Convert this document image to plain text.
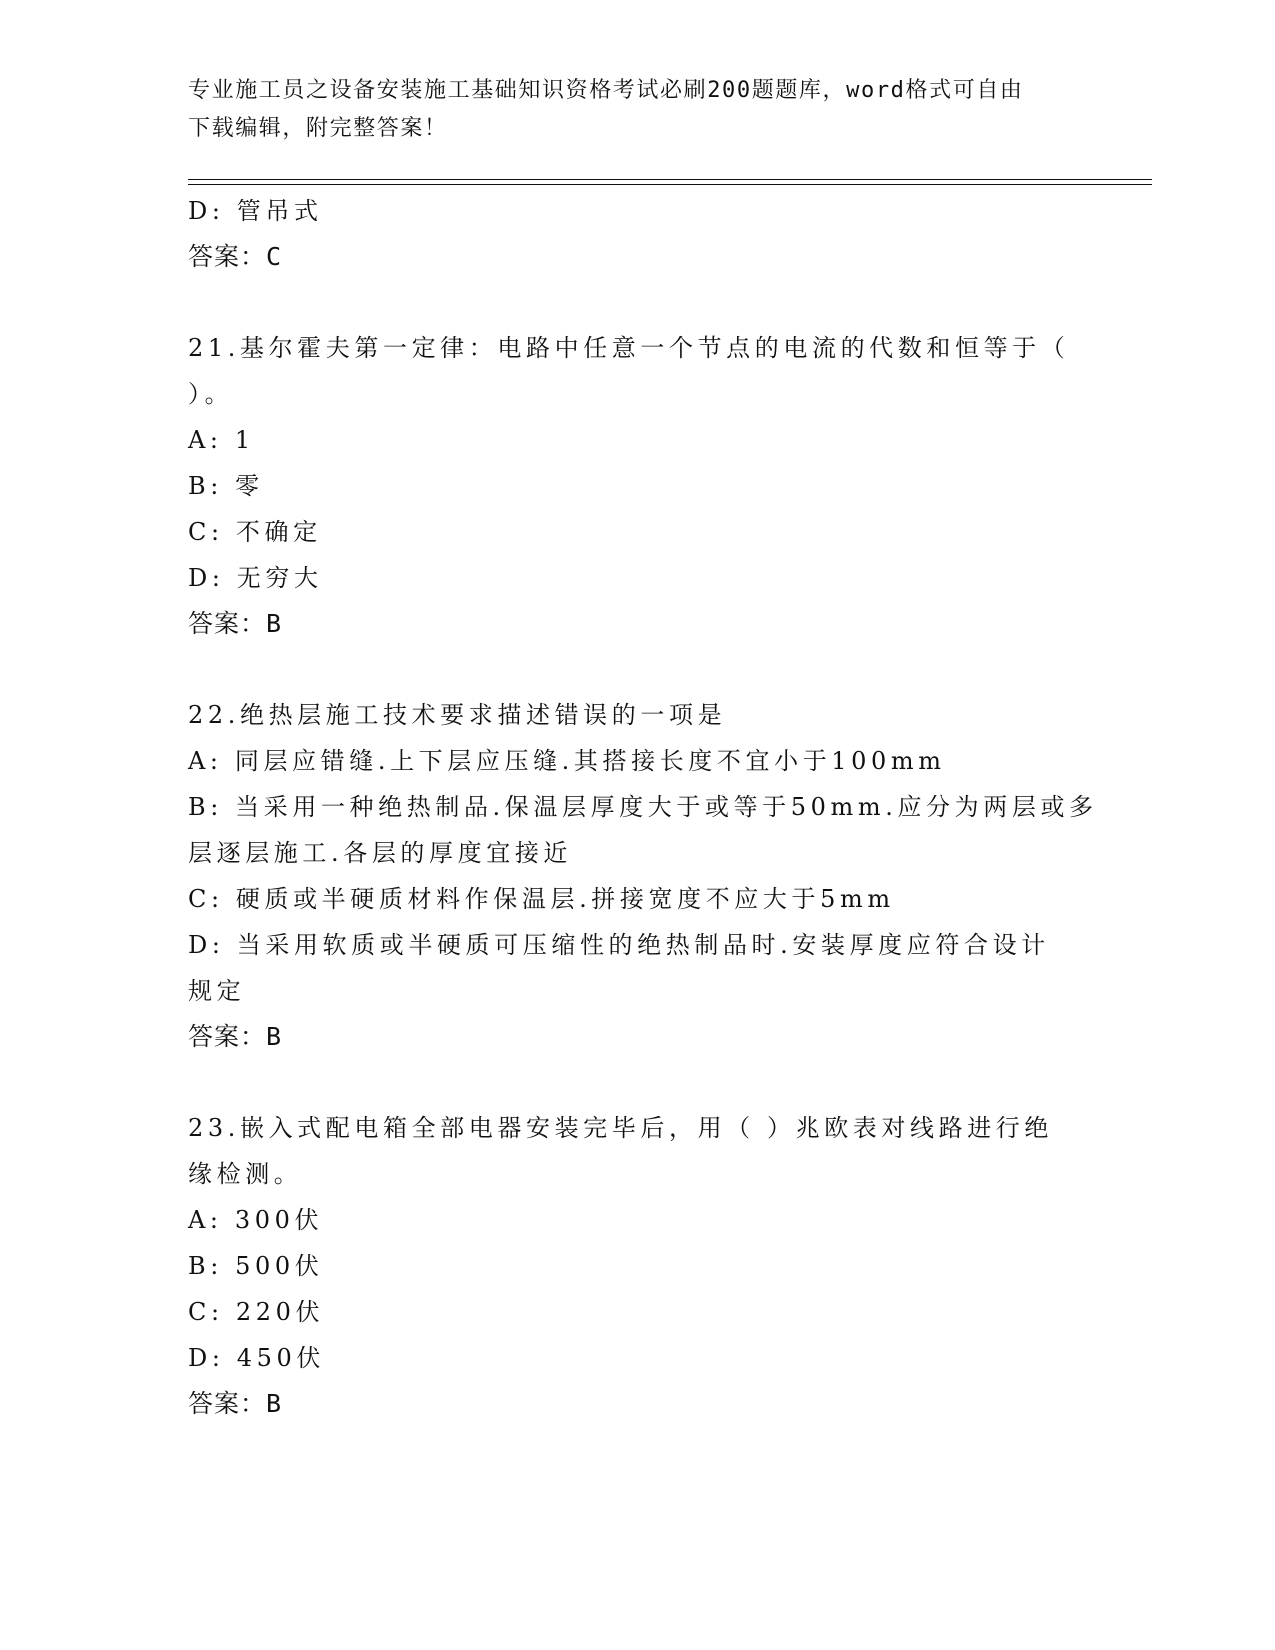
专业施工员之设备安装施工基础知识资格考试必刷200题题库，word格式可自由
下载编辑，附完整答案！
D: 管吊式
答案：C
21.基尔霍夫第一定律：电路中任意一个节点的电流的代数和恒等于（
）。
A: 1
B: 零
C: 不确定
D: 无穷大
答案：B
22.绝热层施工技术要求描述错误的一项是
A: 同层应错缝.上下层应压缝.其搭接长度不宜小于100mm
B: 当采用一种绝热制品.保温层厚度大于或等于50mm.应分为两层或多
层逐层施工.各层的厚度宜接近
C: 硬质或半硬质材料作保温层.拼接宽度不应大于5mm
D: 当采用软质或半硬质可压缩性的绝热制品时.安装厚度应符合设计
规定
答案：B
23.嵌入式配电箱全部电器安装完毕后，用（ ）兆欧表对线路进行绝
缘检测。
A: 300伏
B: 500伏
C: 220伏
D: 450伏
答案：B
